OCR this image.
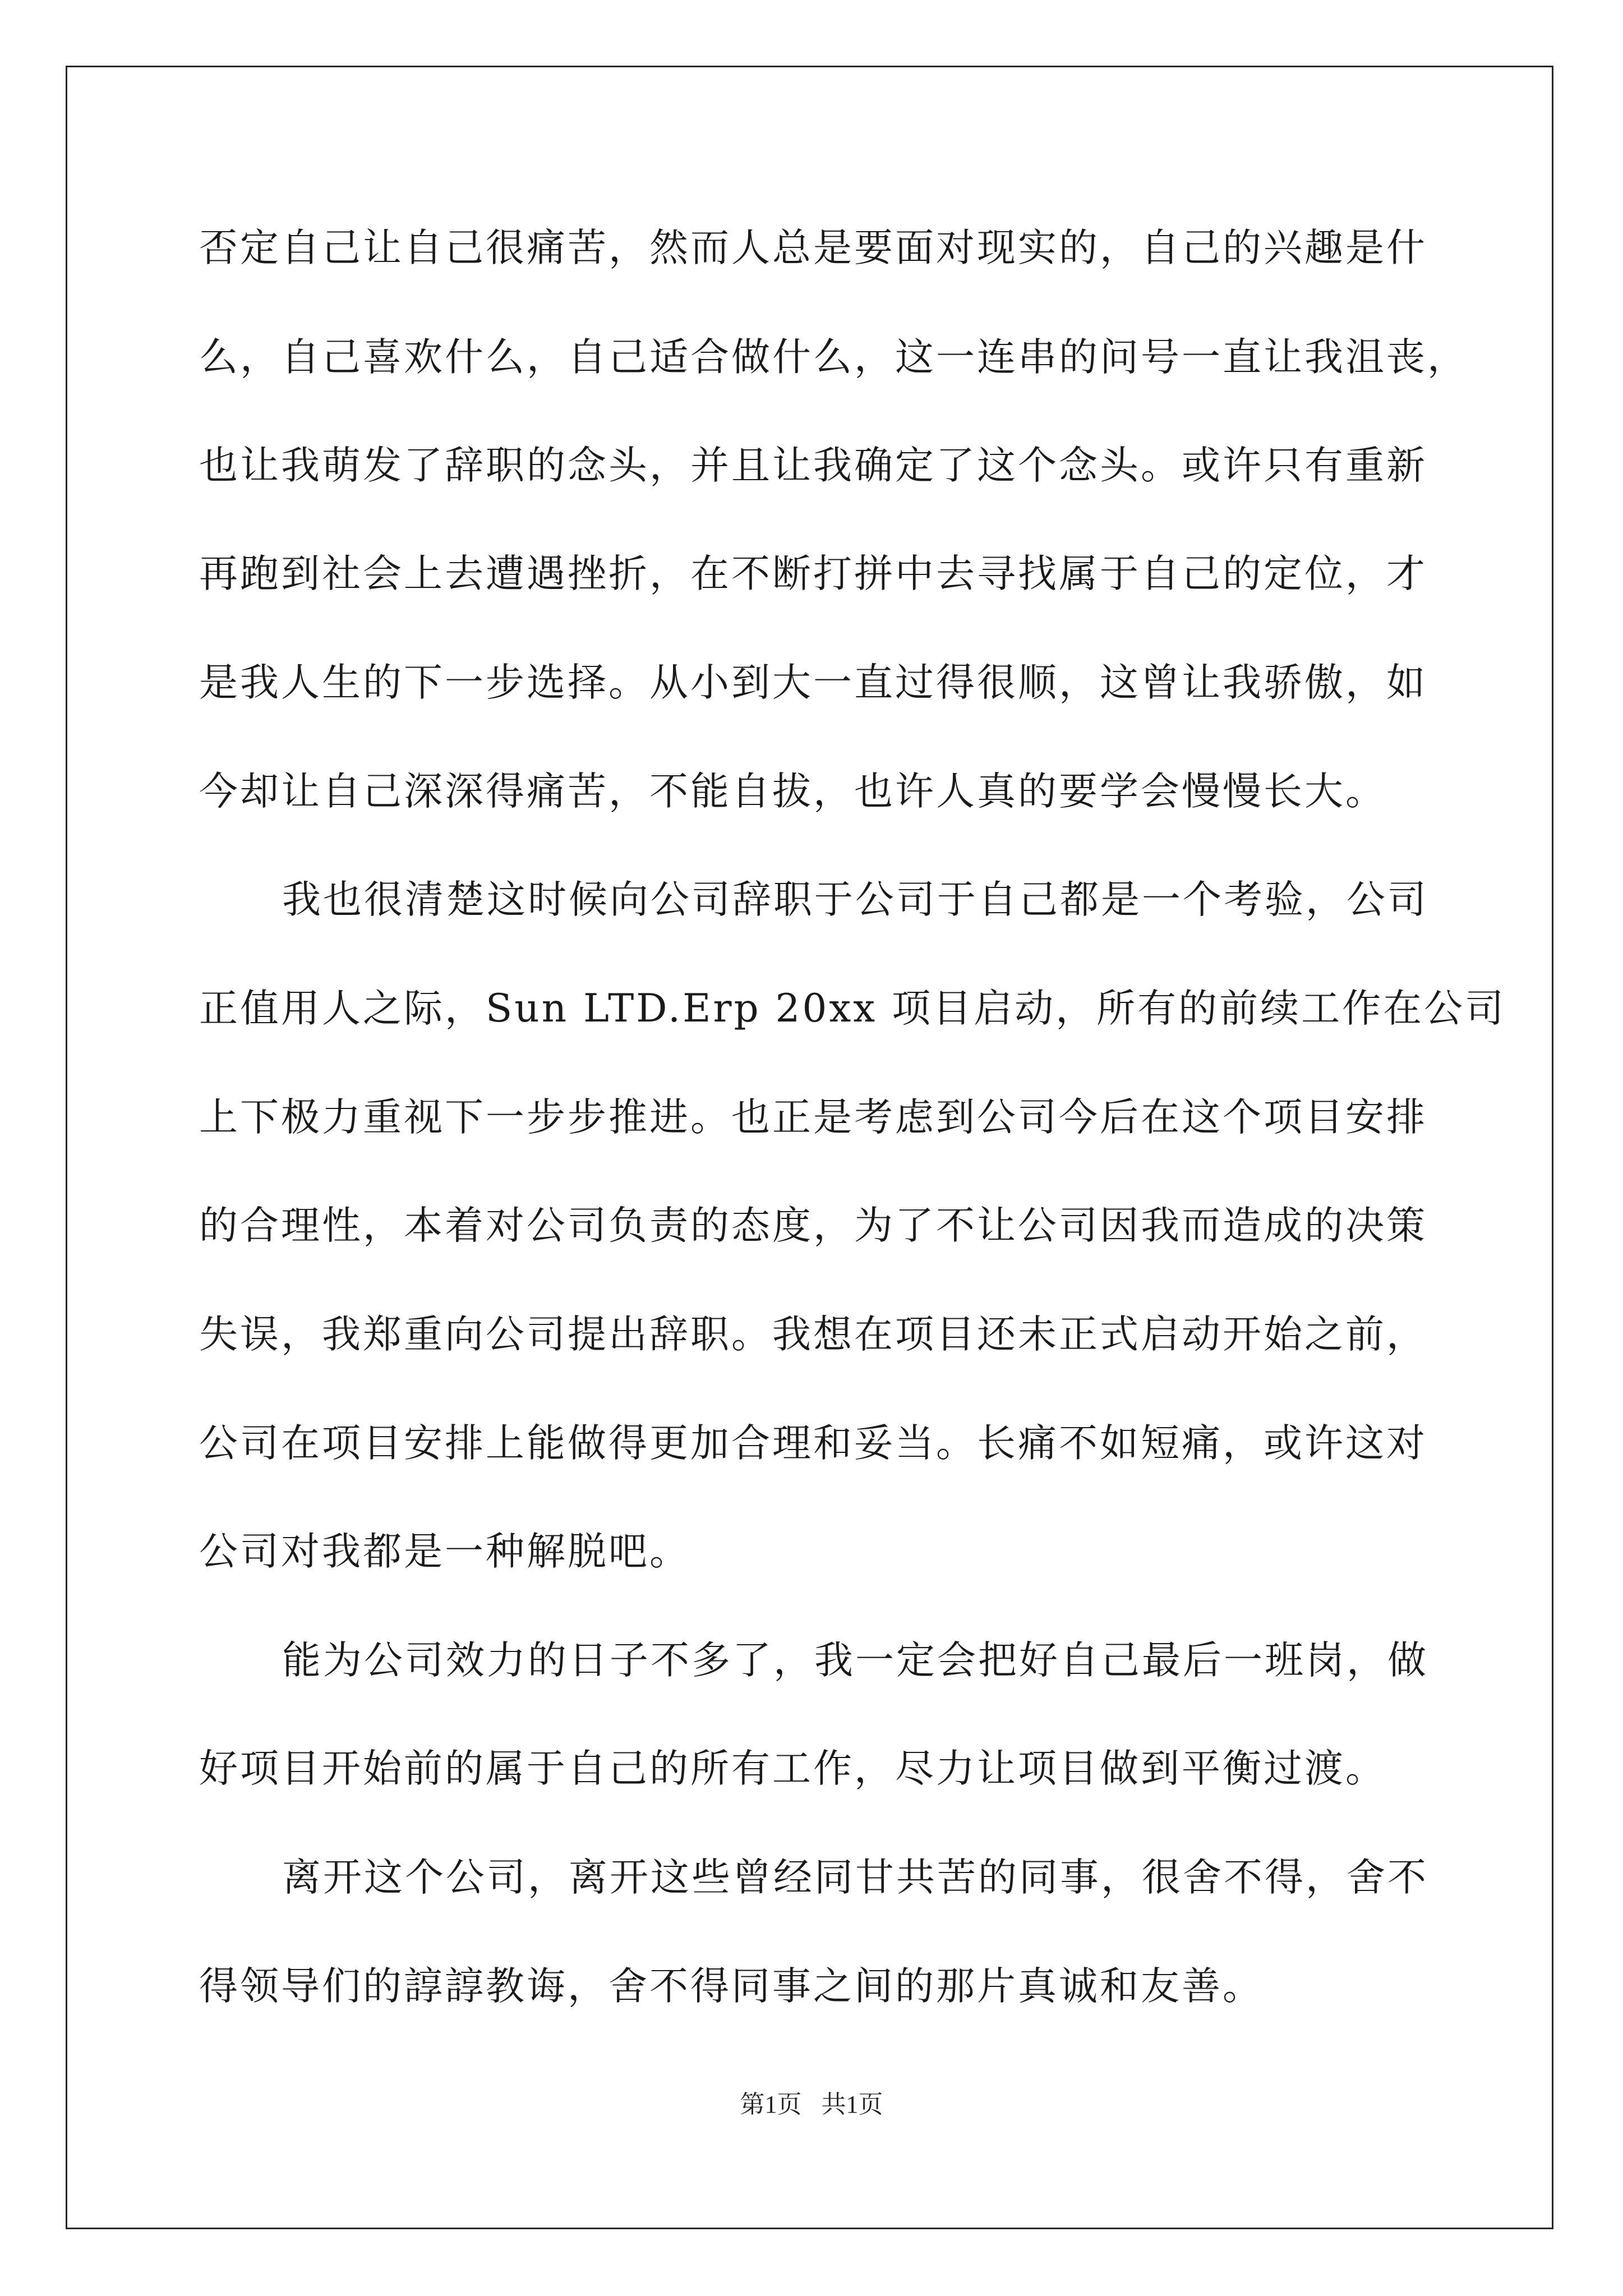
否定自己让自己很痛苦，然而人总是要面对现实的，自己的兴趣是什
么，自己喜欢什么，自己适合做什么，这一连串的问号一直让我沮丧，
也让我萌发了辞职的念头，并且让我确定了这个念头。或许只有重新
再跑到社会上去遭遇挫折，在不断打拼中去寻找属于自己的定位，才
是我人生的下一步选择。从小到大一直过得很顺，这曾让我骄傲，如
今却让自己深深得痛苦，不能自拔，也许人真的要学会慢慢长大。
我也很清楚这时候向公司辞职于公司于自己都是一个考验，公司
正值用人之际，Sun LTD.Erp 20xx 项目启动，所有的前续工作在公司
上下极力重视下一步步推进。也正是考虑到公司今后在这个项目安排
的合理性，本着对公司负责的态度，为了不让公司因我而造成的决策
失误，我郑重向公司提出辞职。我想在项目还未正式启动开始之前，
公司在项目安排上能做得更加合理和妥当。长痛不如短痛，或许这对
公司对我都是一种解脱吧。
能为公司效力的日子不多了，我一定会把好自己最后一班岗，做
好项目开始前的属于自己的所有工作，尽力让项目做到平衡过渡。
离开这个公司，离开这些曾经同甘共苦的同事，很舍不得，舍不
得领导们的諄諄教诲，舍不得同事之间的那片真诚和友善。
第1页 共1页
